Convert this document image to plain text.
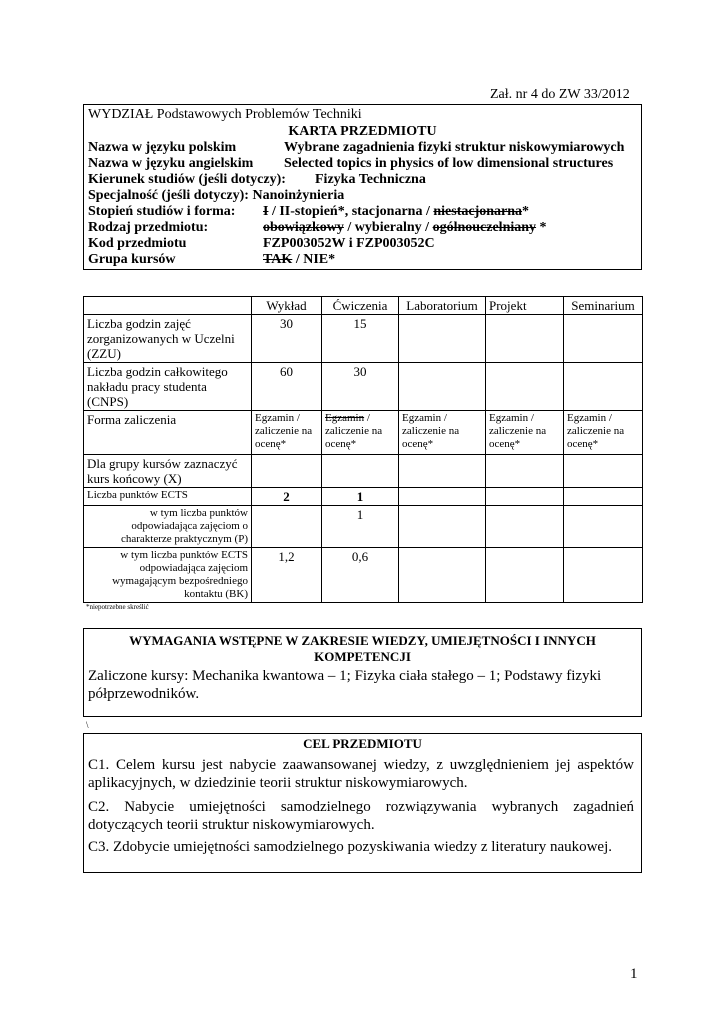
Zał. nr 4 do ZW 33/2012
WYDZIAŁ Podstawowych Problemów Techniki
KARTA PRZEDMIOTU
Nazwa w języku polskim	Wybrane zagadnienia fizyki struktur niskowymiarowych
Nazwa w języku angielskim Selected topics in physics of low dimensional structures
Kierunek studiów (jeśli dotyczy): Fizyka Techniczna
Specjalność (jeśli dotyczy): Nanoinżynieria
Stopień studiów i forma: I / II-stopień*, stacjonarna / niestacjonarna*
Rodzaj przedmiotu:	obowiązkowy / wybieralny / ogólnouczelniany *
Kod przedmiotu	FZP003052W i FZP003052C
Grupa kursów	TAK / NIE*
	Wykład	Ćwiczenia	Laboratorium	Projekt	Seminarium
Liczba godzin zajęć zorganizowanych w Uczelni (ZZU)	30	15			
Liczba godzin całkowitego nakładu pracy studenta (CNPS)	60	30			
Forma zaliczenia	Egzamin / zaliczenie na ocenę*	Egzamin / zaliczenie na ocenę*	Egzamin / zaliczenie na ocenę*	Egzamin / zaliczenie na ocenę*	Egzamin / zaliczenie na ocenę*
Dla grupy kursów zaznaczyć kurs końcowy (X)					
Liczba punktów ECTS	2	1			
w tym liczba punktów odpowiadająca zajęciom o charakterze praktycznym (P)		1			
w tym liczba punktów ECTS odpowiadająca zajęciom wymagającym bezpośredniego kontaktu (BK)	1,2	0,6			
*niepotrzebne skreślić
WYMAGANIA WSTĘPNE W ZAKRESIE WIEDZY, UMIEJĘTNOŚCI I INNYCH KOMPETENCJI
Zaliczone kursy: Mechanika kwantowa – 1; Fizyka ciała stałego – 1; Podstawy fizyki półprzewodników.
\
CEL PRZEDMIOTU

C1. Celem kursu jest nabycie zaawansowanej wiedzy, z uwzględnieniem jej aspektów aplikacyjnych, w dziedzinie teorii struktur niskowymiarowych.

C2. Nabycie umiejętności samodzielnego rozwiązywania wybranych zagadnień dotyczących teorii struktur niskowymiarowych.

C3. Zdobycie umiejętności samodzielnego pozyskiwania wiedzy z literatury naukowej.

1
